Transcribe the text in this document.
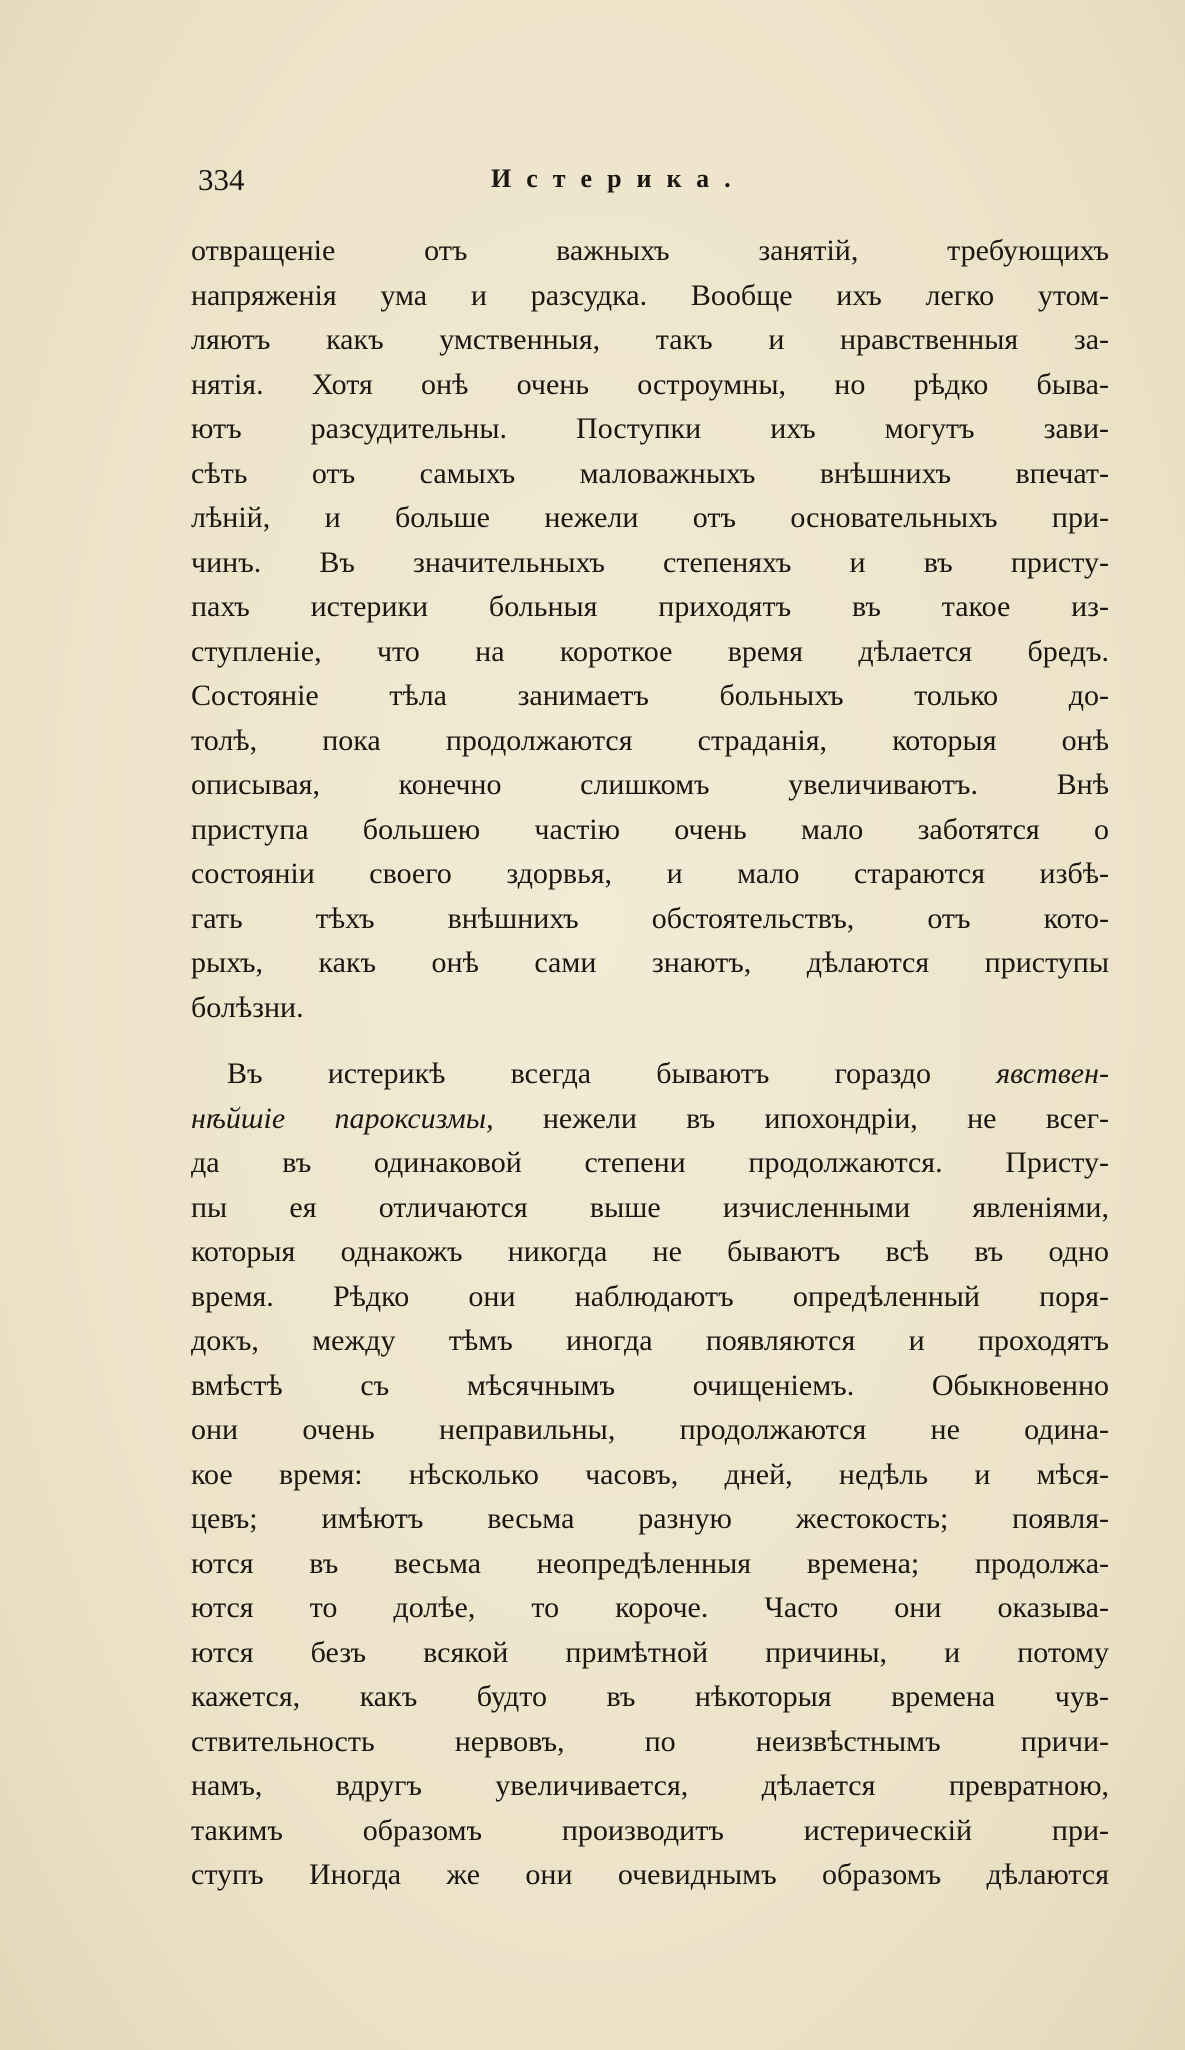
334	Истерика.
отвращеніе отъ важныхъ занятій, требующихъ
напряженія ума и разсудка. Вообще ихъ легко утом-
ляютъ какъ умственныя, такъ и нравственныя за-
нятія. Хотя онѣ очень остроумны, но рѣдко быва-
ютъ разсудительны. Поступки ихъ могутъ зави-
сѣть отъ самыхъ маловажныхъ внѣшнихъ впечат-
лѣній, и больше нежели отъ основательныхъ при-
чинъ. Въ значительныхъ степеняхъ и въ присту-
пахъ истерики больныя приходятъ въ такое из-
ступленіе, что на короткое время дѣлается бредъ.
Состояніе тѣла занимаетъ больныхъ только до-
толѣ, пока продолжаются страданія, которыя онѣ
описывая, конечно слишкомъ увеличиваютъ. Внѣ
приступа большею частію очень мало заботятся о
состояніи своего здорвья, и мало стараются избѣ-
гать тѣхъ внѣшнихъ обстоятельствъ, отъ кото-
рыхъ, какъ онѣ сами знаютъ, дѣлаются приступы
болѣзни.
Въ истерикѣ всегда бываютъ гораздо явствен-
нѣйшіе пароксизмы, нежели въ ипохондріи, не всег-
да въ одинаковой степени продолжаются. Присту-
пы ея отличаются выше изчисленными явленіями,
которыя однакожъ никогда не бываютъ всѣ въ одно
время. Рѣдко они наблюдаютъ опредѣленный поря-
докъ, между тѣмъ иногда появляются и проходятъ
вмѣстѣ съ мѣсячнымъ очищеніемъ. Обыкновенно
они очень неправильны, продолжаются не одина-
кое время: нѣсколько часовъ, дней, недѣль и мѣся-
цевъ; имѣютъ весьма разную жестокость; появля-
ются въ весьма неопредѣленныя времена; продолжа-
ются то долѣе, то короче. Часто они оказыва-
ются безъ всякой примѣтной причины, и потому
кажется, какъ будто въ нѣкоторыя времена чув-
ствительность нервовъ, по неизвѣстнымъ причи-
намъ, вдругъ увеличивается, дѣлается превратною,
такимъ образомъ производитъ истерическій при-
ступъ Иногда же они очевиднымъ образомъ дѣлаются
